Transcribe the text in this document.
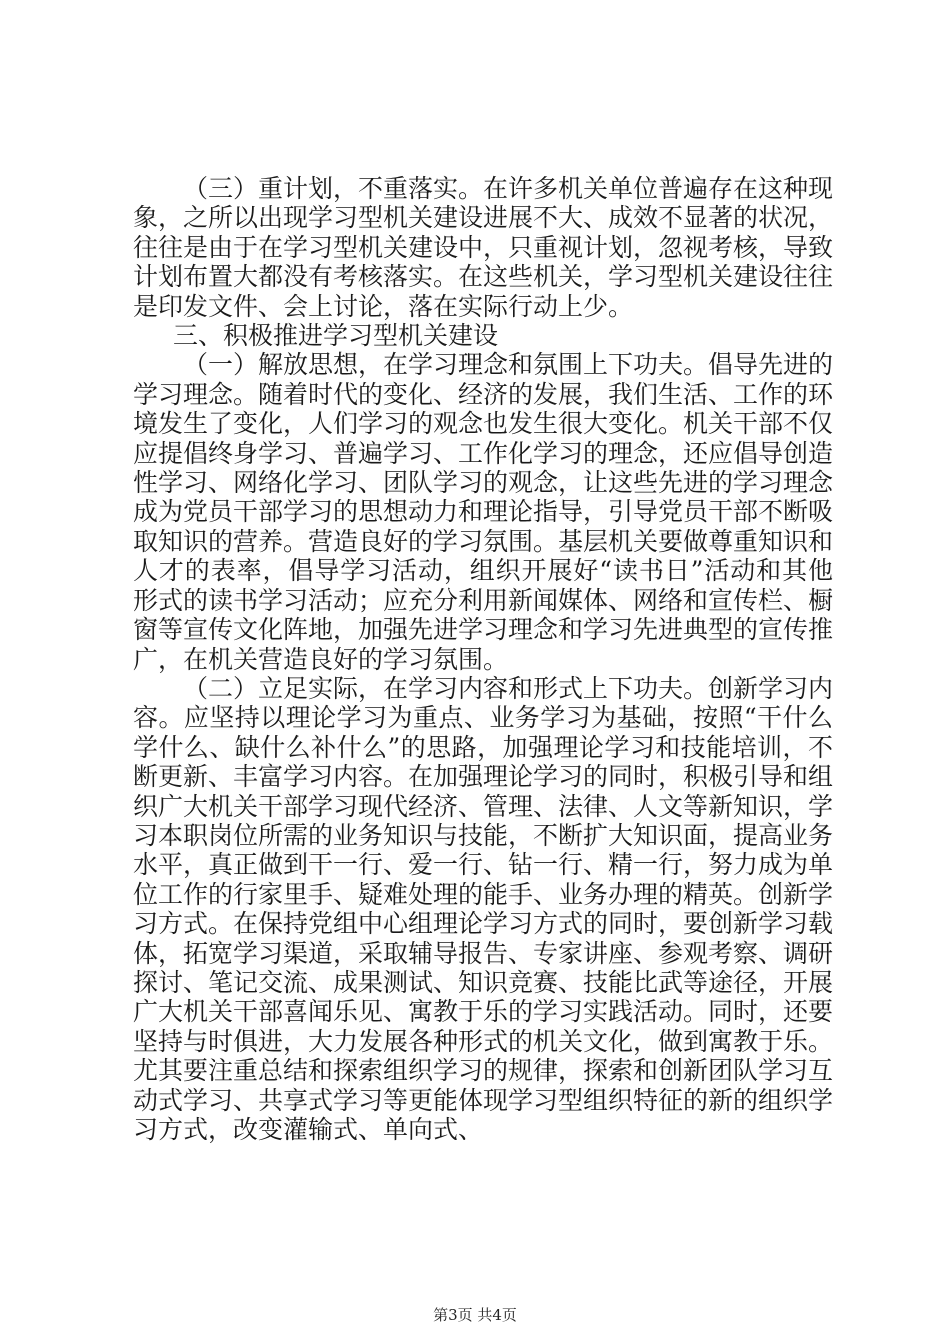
（三）重计划，不重落实。在许多机关单位普遍存在这种现象，之所以出现学习型机关建设进展不大、成效不显著的状况，往往是由于在学习型机关建设中，只重视计划，忽视考核，导致计划布置大都没有考核落实。在这些机关，学习型机关建设往往是印发文件、会上讨论，落在实际行动上少。

三、积极推进学习型机关建设

（一）解放思想，在学习理念和氛围上下功夫。倡导先进的学习理念。随着时代的变化、经济的发展，我们生活、工作的环境发生了变化，人们学习的观念也发生很大变化。机关干部不仅应提倡终身学习、普遍学习、工作化学习的理念，还应倡导创造性学习、网络化学习、团队学习的观念，让这些先进的学习理念成为党员干部学习的思想动力和理论指导，引导党员干部不断吸取知识的营养。营造良好的学习氛围。基层机关要做尊重知识和人才的表率，倡导学习活动，组织开展好“读书日”活动和其他形式的读书学习活动；应充分利用新闻媒体、网络和宣传栏、橱窗等宣传文化阵地，加强先进学习理念和学习先进典型的宣传推广，在机关营造良好的学习氛围。

（二）立足实际，在学习内容和形式上下功夫。创新学习内容。应坚持以理论学习为重点、业务学习为基础，按照“干什么学什么、缺什么补什么”的思路，加强理论学习和技能培训，不断更新、丰富学习内容。在加强理论学习的同时，积极引导和组织广大机关干部学习现代经济、管理、法律、人文等新知识，学习本职岗位所需的业务知识与技能，不断扩大知识面，提高业务水平，真正做到干一行、爱一行、钻一行、精一行，努力成为单位工作的行家里手、疑难处理的能手、业务办理的精英。创新学习方式。在保持党组中心组理论学习方式的同时，要创新学习载体，拓宽学习渠道，采取辅导报告、专家讲座、参观考察、调研探讨、笔记交流、成果测试、知识竞赛、技能比武等途径，开展广大机关干部喜闻乐见、寓教于乐的学习实践活动。同时，还要坚持与时俱进，大力发展各种形式的机关文化，做到寓教于乐。尤其要注重总结和探索组织学习的规律，探索和创新团队学习互动式学习、共享式学习等更能体现学习型组织特征的新的组织学习方式，改变灌输式、单向式、

第3页 共4页
